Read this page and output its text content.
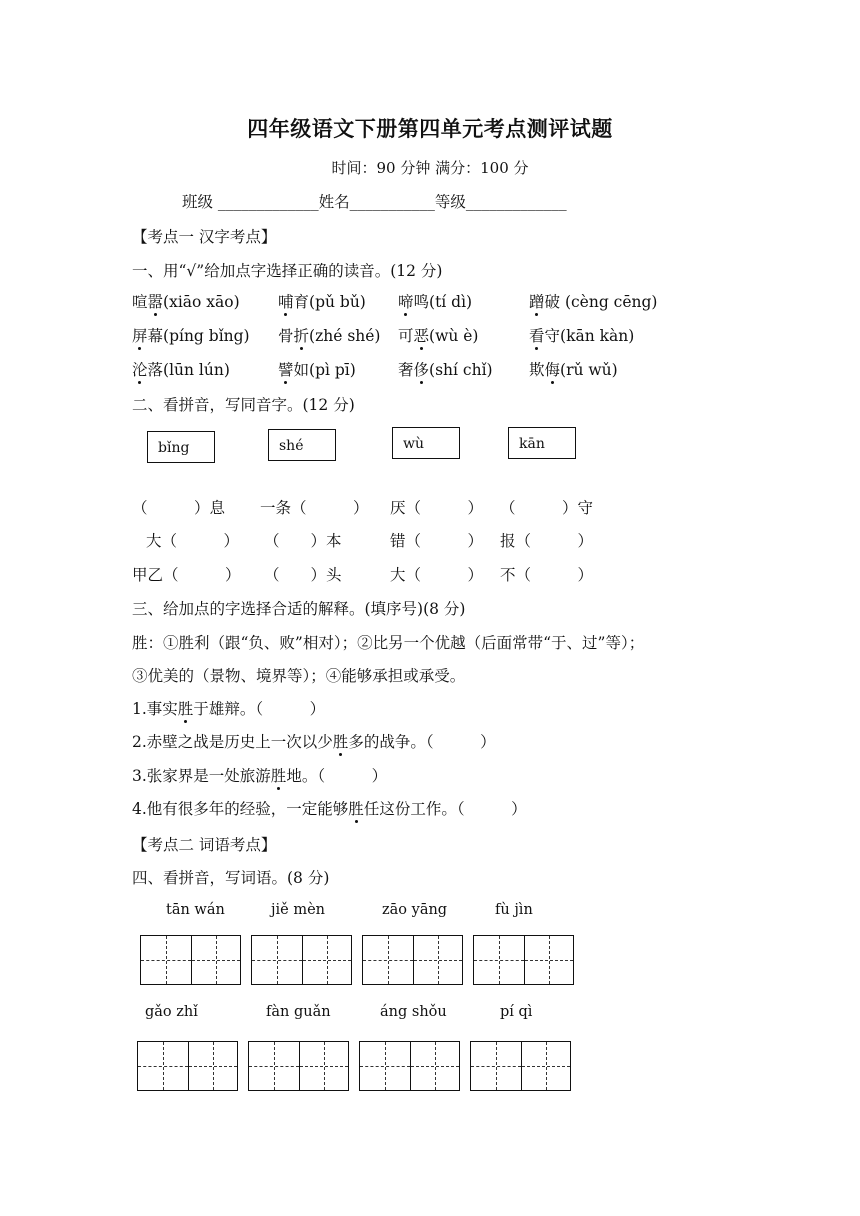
四年级语文下册第四单元考点测评试题
时间：90 分钟 满分：100 分
班级 _____________姓名___________等级_____________
【考点一 汉字考点】
一、用“√”给加点字选择正确的读音。(12 分)
喧嚣(xiāo xāo) 哺育(pǔ bǔ) 啼鸣(tí dì)	蹭破 (cèng cēng)
屏幕(píng bǐng) 骨折(zhé shé) 可恶(wù è)	看守(kān kàn)
沦落(lūn lún)	譬如(pì pī)	奢侈(shí chǐ) 欺侮(rǔ wǔ)
二、看拼音，写同音字。(12 分)
bǐng	shé	wù	kān
（　　　）息 一条（　　　） 厌（　　　） （　　　）守
大（　　　） （　　）本	错（　　　） 报（　　　）
甲乙（　　　） （　　）头	大（　　　） 不（　　　）
三、给加点的字选择合适的解释。(填序号)(8 分)
胜：①胜利（跟“负、败”相对）；②比另一个优越（后面常带“于、过”等）；
③优美的（景物、境界等）；④能够承担或承受。
1.事实胜于雄辩。（　　　）
2.赤壁之战是历史上一次以少胜多的战争。（　　　）
3.张家界是一处旅游胜地。（　　　）
4.他有很多年的经验，一定能够胜任这份工作。（　　　）
【考点二 词语考点】
四、看拼音，写词语。(8 分)
tān wán	jiě mèn	zāo yāng	fù jìn
gǎo zhǐ	fàn guǎn	áng shǒu	pí qì
